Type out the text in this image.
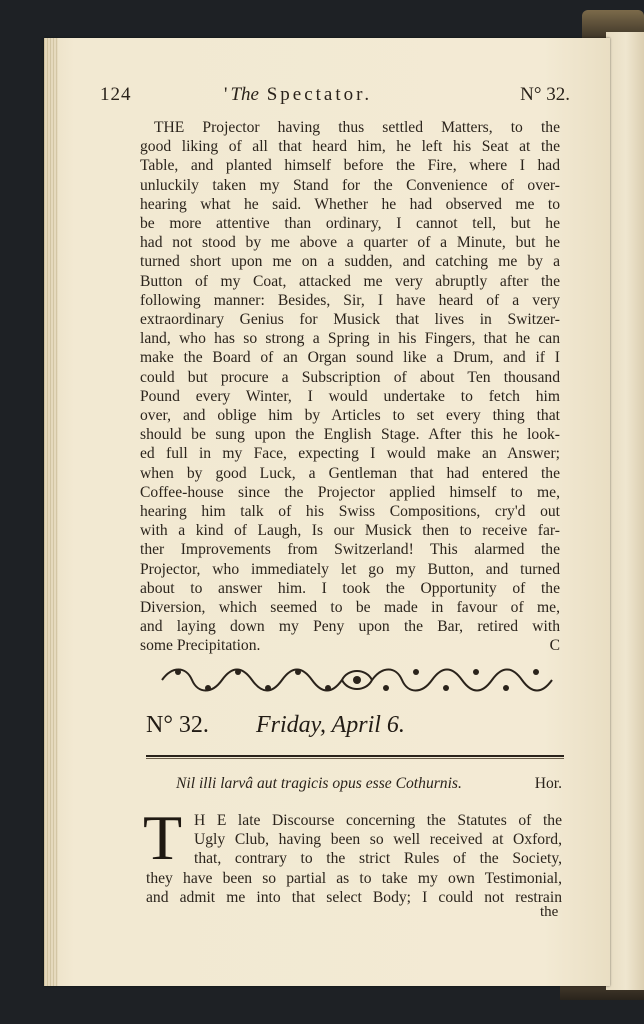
124	'The Spectator.	N° 32.
THE Projector having thus settled Matters, to the
good liking of all that heard him, he left his Seat at the
Table, and planted himself before the Fire, where I had
unluckily taken my Stand for the Convenience of over-
hearing what he said. Whether he had observed me to
be more attentive than ordinary, I cannot tell, but he
had not stood by me above a quarter of a Minute, but he
turned short upon me on a sudden, and catching me by a
Button of my Coat, attacked me very abruptly after the
following manner: Besides, Sir, I have heard of a very
extraordinary Genius for Musick that lives in Switzer-
land, who has so strong a Spring in his Fingers, that he can
make the Board of an Organ sound like a Drum, and if I
could but procure a Subscription of about Ten thousand
Pound every Winter, I would undertake to fetch him
over, and oblige him by Articles to set every thing that
should be sung upon the English Stage. After this he look-
ed full in my Face, expecting I would make an Answer;
when by good Luck, a Gentleman that had entered the
Coffee-house since the Projector applied himself to me,
hearing him talk of his Swiss Compositions, cry'd out
with a kind of Laugh, Is our Musick then to receive far-
ther Improvements from Switzerland! This alarmed the
Projector, who immediately let go my Button, and turned
about to answer him. I took the Opportunity of the
Diversion, which seemed to be made in favour of me,
and laying down my Peny upon the Bar, retired with
some Precipitation.	C
N° 32. Friday, April 6.
Nil illi larvâ aut tragicis opus esse Cothurnis.	Hor.
T H E late Discourse concerning the Statutes of the
Ugly Club, having been so well received at Oxford,
that, contrary to the strict Rules of the Society,
they have been so partial as to take my own Testimonial,
and admit me into that select Body; I could not restrain
the
